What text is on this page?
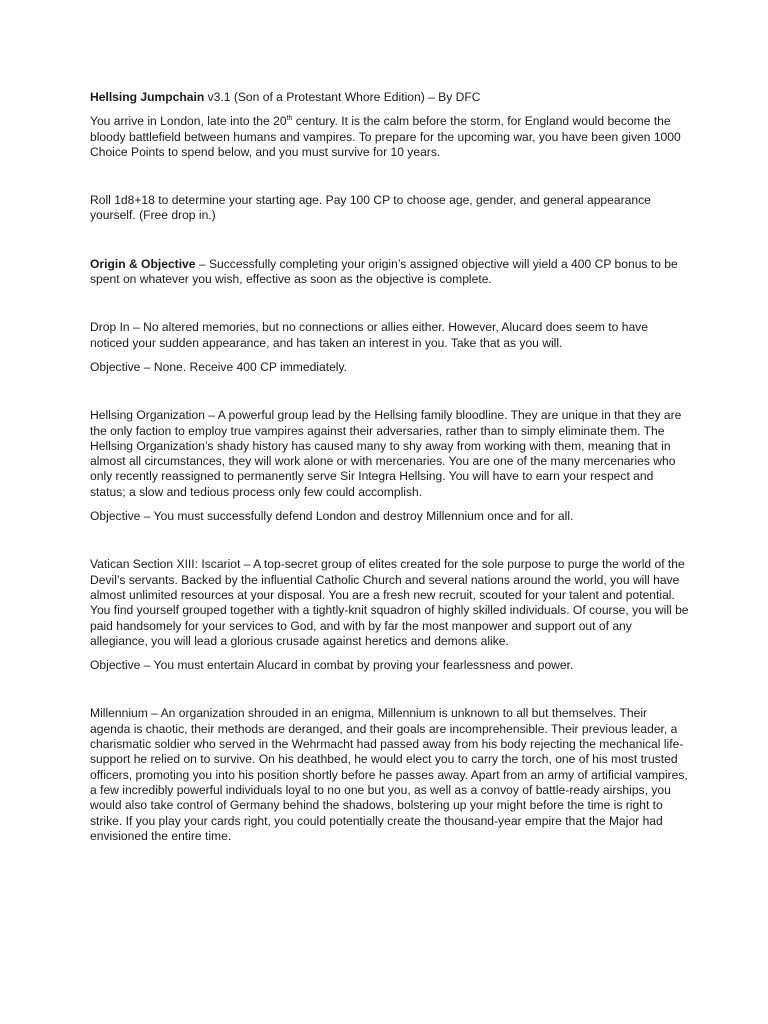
Hellsing Jumpchain v3.1 (Son of a Protestant Whore Edition) – By DFC

You arrive in London, late into the 20th century. It is the calm before the storm, for England would become the bloody battlefield between humans and vampires. To prepare for the upcoming war, you have been given 1000 Choice Points to spend below, and you must survive for 10 years.

Roll 1d8+18 to determine your starting age. Pay 100 CP to choose age, gender, and general appearance yourself. (Free drop in.)

Origin & Objective – Successfully completing your origin’s assigned objective will yield a 400 CP bonus to be spent on whatever you wish, effective as soon as the objective is complete.

Drop In – No altered memories, but no connections or allies either. However, Alucard does seem to have noticed your sudden appearance, and has taken an interest in you. Take that as you will.

Objective – None. Receive 400 CP immediately.

Hellsing Organization – A powerful group lead by the Hellsing family bloodline. They are unique in that they are the only faction to employ true vampires against their adversaries, rather than to simply eliminate them. The Hellsing Organization’s shady history has caused many to shy away from working with them, meaning that in almost all circumstances, they will work alone or with mercenaries. You are one of the many mercenaries who only recently reassigned to permanently serve Sir Integra Hellsing. You will have to earn your respect and status; a slow and tedious process only few could accomplish.

Objective – You must successfully defend London and destroy Millennium once and for all.

Vatican Section XIII: Iscariot – A top-secret group of elites created for the sole purpose to purge the world of the Devil’s servants. Backed by the influential Catholic Church and several nations around the world, you will have almost unlimited resources at your disposal. You are a fresh new recruit, scouted for your talent and potential. You find yourself grouped together with a tightly-knit squadron of highly skilled individuals. Of course, you will be paid handsomely for your services to God, and with by far the most manpower and support out of any allegiance, you will lead a glorious crusade against heretics and demons alike.

Objective – You must entertain Alucard in combat by proving your fearlessness and power.

Millennium – An organization shrouded in an enigma, Millennium is unknown to all but themselves. Their agenda is chaotic, their methods are deranged, and their goals are incomprehensible. Their previous leader, a charismatic soldier who served in the Wehrmacht had passed away from his body rejecting the mechanical life-support he relied on to survive. On his deathbed, he would elect you to carry the torch, one of his most trusted officers, promoting you into his position shortly before he passes away. Apart from an army of artificial vampires, a few incredibly powerful individuals loyal to no one but you, as well as a convoy of battle-ready airships, you would also take control of Germany behind the shadows, bolstering up your might before the time is right to strike. If you play your cards right, you could potentially create the thousand-year empire that the Major had envisioned the entire time.
